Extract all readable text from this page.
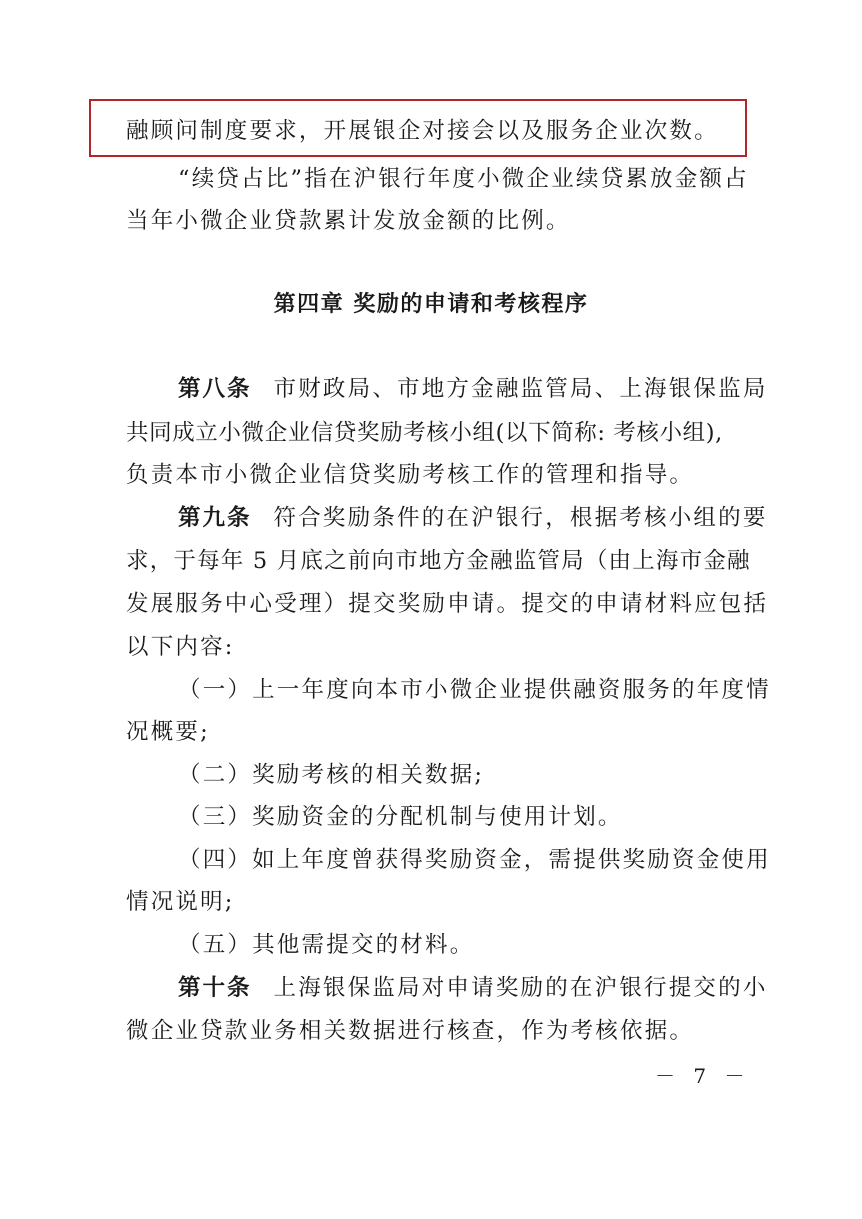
融顾问制度要求，开展银企对接会以及服务企业次数。
“续贷占比”指在沪银行年度小微企业续贷累放金额占
当年小微企业贷款累计发放金额的比例。
第四章 奖励的申请和考核程序
第八条 市财政局、市地方金融监管局、上海银保监局
共同成立小微企业信贷奖励考核小组(以下简称: 考核小组),
负责本市小微企业信贷奖励考核工作的管理和指导。
第九条 符合奖励条件的在沪银行，根据考核小组的要
求，于每年 5 月底之前向市地方金融监管局（由上海市金融
发展服务中心受理）提交奖励申请。提交的申请材料应包括
以下内容:
（一）上一年度向本市小微企业提供融资服务的年度情
况概要;
（二）奖励考核的相关数据;
（三）奖励资金的分配机制与使用计划。
（四）如上年度曾获得奖励资金，需提供奖励资金使用
情况说明;
（五）其他需提交的材料。
第十条 上海银保监局对申请奖励的在沪银行提交的小
微企业贷款业务相关数据进行核查，作为考核依据。
－ 7 －
